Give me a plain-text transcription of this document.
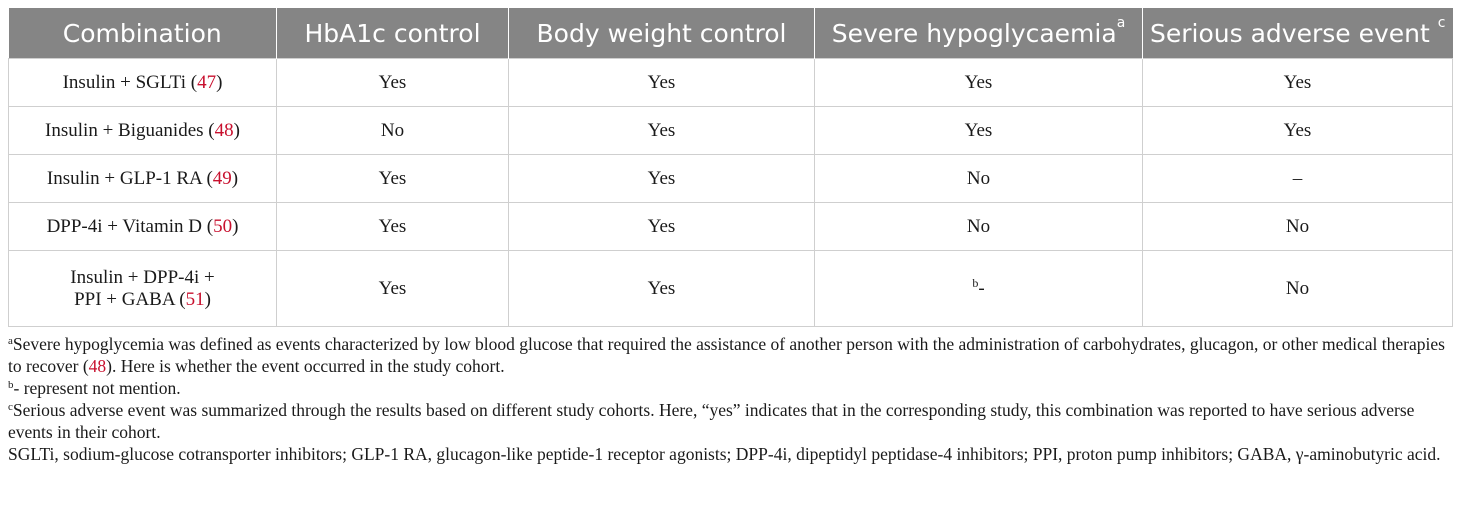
Combination	HbA1c control	Body weight control	Severe hypoglycaemia$^a$	Serious adverse event $^c$
Insulin + SGLTi (47)	Yes	Yes	Yes	Yes
Insulin + Biguanides (48)	No	Yes	Yes	Yes
Insulin + GLP-1 RA (49)	Yes	Yes	No	–
DPP-4i + Vitamin D (50)	Yes	Yes	No	No
Insulin + DPP-4i +
PPI + GABA (51)	Yes	Yes	$^b$-	No

$^a$Severe hypoglycemia was defined as events characterized by low blood glucose that required the assistance of another person with the administration of carbohydrates, glucagon, or other medical therapies to recover (48). Here is whether the event occurred in the study cohort.

$^b$- represent not mention.

$^c$Serious adverse event was summarized through the results based on different study cohorts. Here, “yes” indicates that in the corresponding study, this combination was reported to have serious adverse events in their cohort.

SGLTi, sodium-glucose cotransporter inhibitors; GLP-1 RA, glucagon-like peptide-1 receptor agonists; DPP-4i, dipeptidyl peptidase-4 inhibitors; PPI, proton pump inhibitors; GABA, γ-aminobutyric acid.
